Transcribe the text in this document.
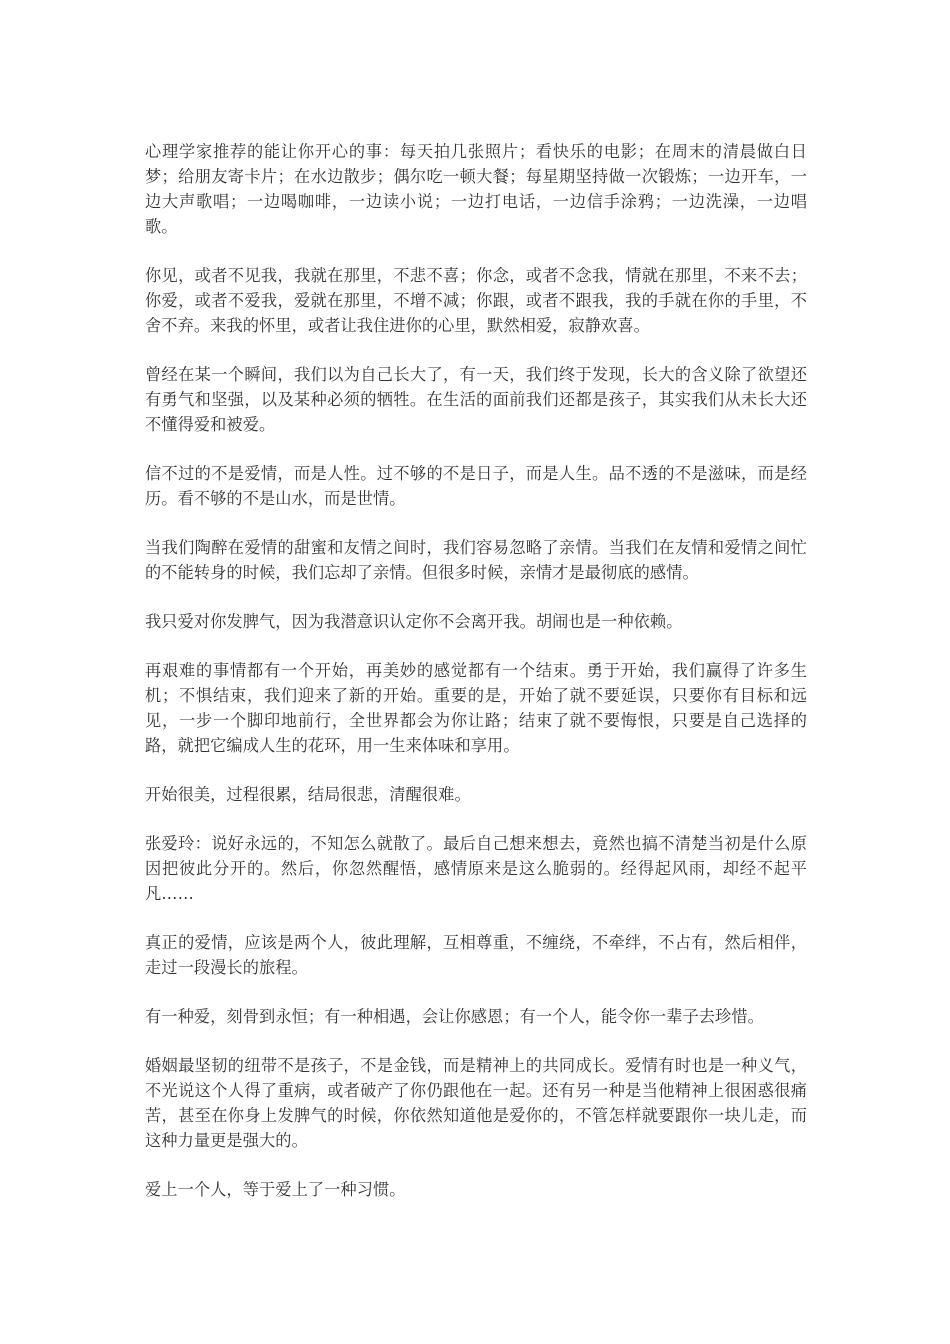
心理学家推荐的能让你开心的事：每天拍几张照片；看快乐的电影；在周末的清晨做白日梦；给朋友寄卡片；在水边散步；偶尔吃一顿大餐；每星期坚持做一次锻炼；一边开车，一边大声歌唱；一边喝咖啡，一边读小说；一边打电话，一边信手涂鸦；一边洗澡，一边唱歌。

你见，或者不见我，我就在那里，不悲不喜；你念，或者不念我，情就在那里，不来不去；你爱，或者不爱我，爱就在那里，不增不减；你跟，或者不跟我，我的手就在你的手里，不舍不弃。来我的怀里，或者让我住进你的心里，默然相爱，寂静欢喜。

曾经在某一个瞬间，我们以为自己长大了，有一天，我们终于发现，长大的含义除了欲望还有勇气和坚强，以及某种必须的牺牲。在生活的面前我们还都是孩子，其实我们从未长大还不懂得爱和被爱。

信不过的不是爱情，而是人性。过不够的不是日子，而是人生。品不透的不是滋味，而是经历。看不够的不是山水，而是世情。

当我们陶醉在爱情的甜蜜和友情之间时，我们容易忽略了亲情。当我们在友情和爱情之间忙的不能转身的时候，我们忘却了亲情。但很多时候，亲情才是最彻底的感情。

我只爱对你发脾气，因为我潜意识认定你不会离开我。胡闹也是一种依赖。

再艰难的事情都有一个开始，再美妙的感觉都有一个结束。勇于开始，我们赢得了许多生机；不惧结束，我们迎来了新的开始。重要的是，开始了就不要延误，只要你有目标和远见，一步一个脚印地前行，全世界都会为你让路；结束了就不要悔恨，只要是自己选择的路，就把它编成人生的花环，用一生来体味和享用。

开始很美，过程很累，结局很悲，清醒很难。

张爱玲：说好永远的，不知怎么就散了。最后自己想来想去，竟然也搞不清楚当初是什么原因把彼此分开的。然后，你忽然醒悟，感情原来是这么脆弱的。经得起风雨，却经不起平凡……

真正的爱情，应该是两个人，彼此理解，互相尊重，不缠绕，不牵绊，不占有，然后相伴，走过一段漫长的旅程。

有一种爱，刻骨到永恒；有一种相遇，会让你感恩；有一个人，能令你一辈子去珍惜。

婚姻最坚韧的纽带不是孩子，不是金钱，而是精神上的共同成长。爱情有时也是一种义气，不光说这个人得了重病，或者破产了你仍跟他在一起。还有另一种是当他精神上很困惑很痛苦，甚至在你身上发脾气的时候，你依然知道他是爱你的，不管怎样就要跟你一块儿走，而这种力量更是强大的。

爱上一个人，等于爱上了一种习惯。
